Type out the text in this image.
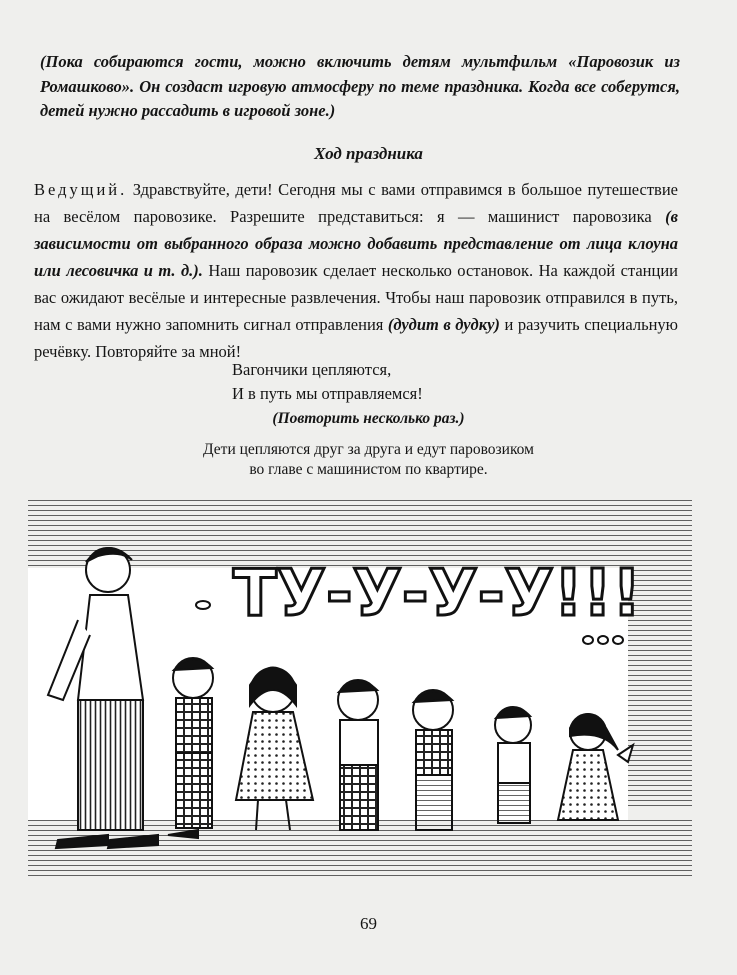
(Пока собираются гости, можно включить детям мультфильм «Паровозик из Ромашково». Он создаст игровую атмосферу по теме праздника. Когда все соберутся, детей нужно рассадить в игровой зоне.)
Ход праздника
Ведущий. Здравствуйте, дети! Сегодня мы с вами отправимся в большое путешествие на весёлом паровозике. Разрешите представиться: я — машинист паровозика (в зависимости от выбранного образа можно добавить представление от лица клоуна или лесовичка и т. д.). Наш паровозик сделает несколько остановок. На каждой станции вас ожидают весёлые и интересные развлечения. Чтобы наш паровозик отправился в путь, нам с вами нужно запомнить сигнал отправления (дудит в дудку) и разучить специальную речёвку. Повторяйте за мной!
Вагончики цепляются,
И в путь мы отправляемся!
(Повторить несколько раз.)
Дети цепляются друг за друга и едут паровозиком
во главе с машинистом по квартире.
ТУ-У-У-У!!!
69
